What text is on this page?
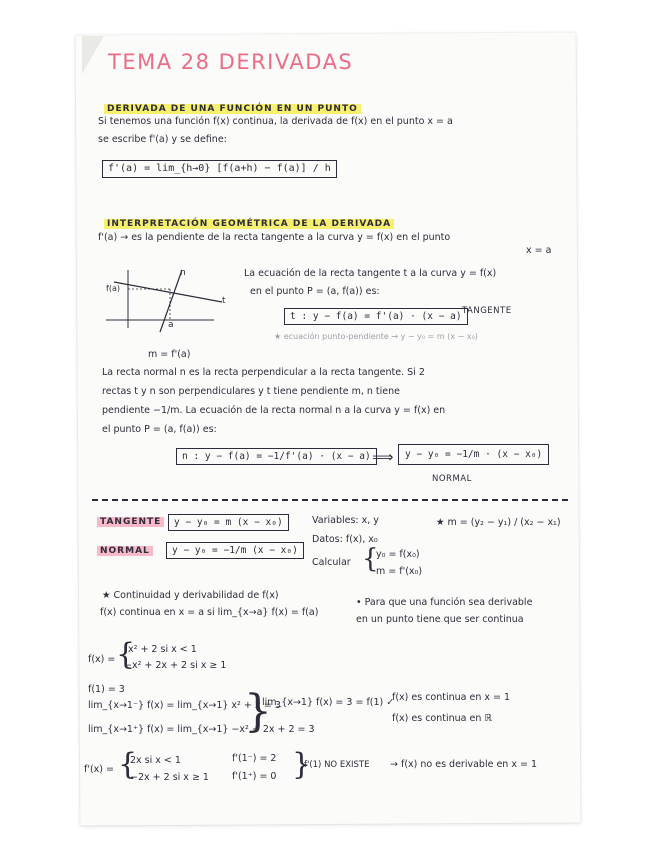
TEMA 28 DERIVADAS
DERIVADA DE UNA FUNCIÓN EN UN PUNTO
Si tenemos una función f(x) continua, la derivada de f(x) en el punto x = a
se escribe f'(a) y se define:
f'(a) = lim_{h→0} [f(a+h) − f(a)] / h
INTERPRETACIÓN GEOMÉTRICA DE LA DERIVADA
f'(a) → es la pendiente de la recta tangente a la curva y = f(x) en el punto
x = a
f(a)
n
t
a
m = f'(a)
La ecuación de la recta tangente t a la curva y = f(x)
en el punto P = (a, f(a)) es:
t : y − f(a) = f'(a) · (x − a) TANGENTE
★ ecuación punto-pendiente → y − y₀ = m (x − x₀)
La recta normal n es la recta perpendicular a la recta tangente. Si 2
rectas t y n son perpendiculares y t tiene pendiente m, n tiene
pendiente −1/m. La ecuación de la recta normal n a la curva y = f(x) en
el punto P = (a, f(a)) es:
n : y − f(a) = −1/f'(a) · (x − a) ⟹	y − y₀ = −1/m · (x − x₀)
NORMAL
TANGENTE	y − y₀ = m (x − x₀)
NORMAL	y − y₀ = −1/m (x − x₀)
Variables: x, y
Datos: f(x), x₀
Calcular {
y₀ = f(x₀)
m = f'(x₀)
★ m = (y₂ − y₁) / (x₂ − x₁)
★ Continuidad y derivabilidad de f(x)
f(x) continua en x = a si lim_{x→a} f(x) = f(a)
• Para que una función sea derivable
en un punto tiene que ser continua
f(x) = {
x² + 2 si x < 1
−x² + 2x + 2 si x ≥ 1
f(1) = 3
lim_{x→1⁻} f(x) = lim_{x→1} x² + 2 = 3
lim_{x→1⁺} f(x) = lim_{x→1} −x² + 2x + 2 = 3
}
lim_{x→1} f(x) = 3 = f(1) ✓
f(x) es continua en x = 1
f(x) es continua en ℝ
f'(x) = {
2x si x < 1
−2x + 2 si x ≥ 1
f'(1⁻) = 2
f'(1⁺) = 0 }
f'(1) NO EXISTE → f(x) no es derivable en x = 1
